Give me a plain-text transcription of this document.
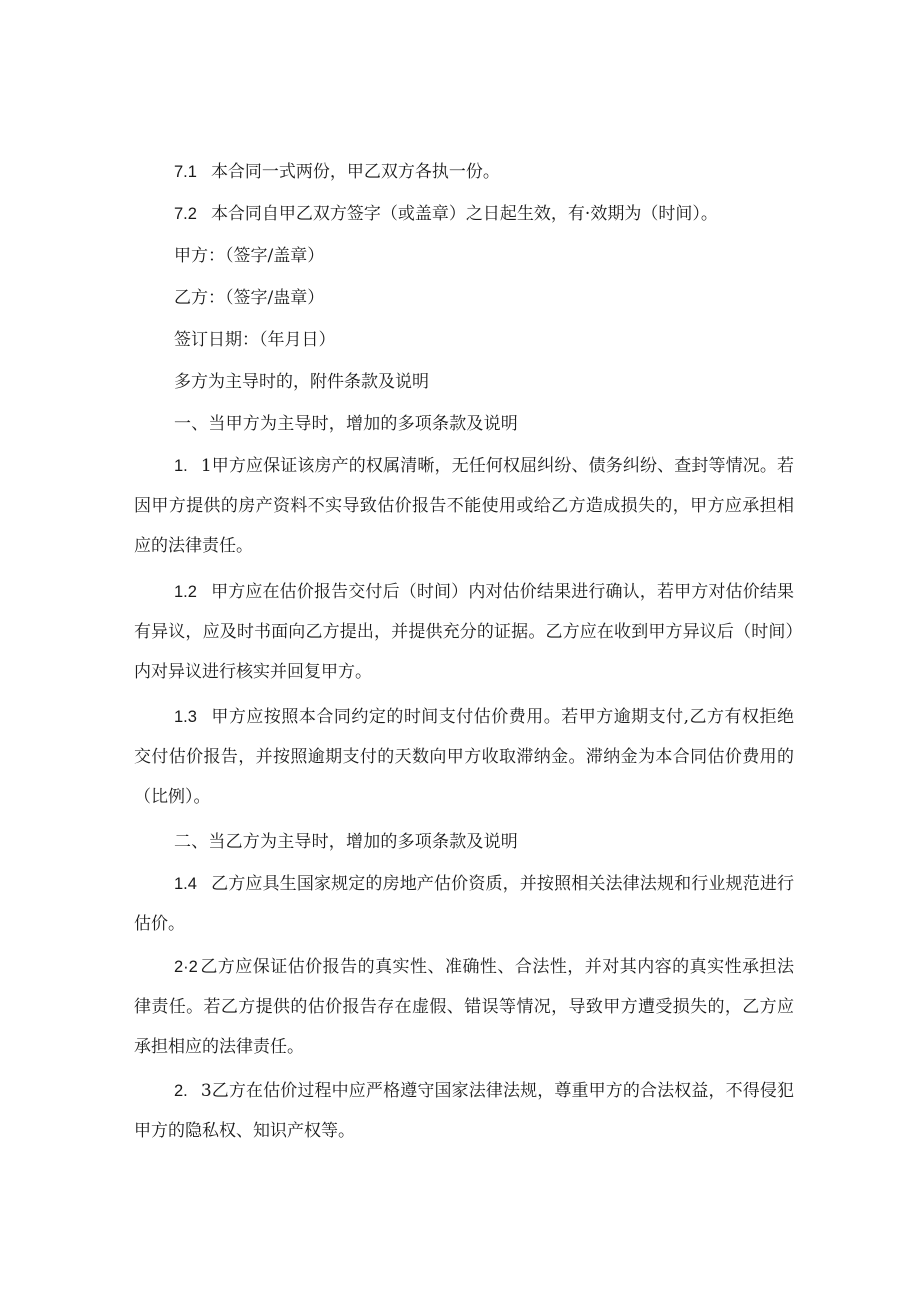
7.1 本合同一式两份，甲乙双方各执一份。
7.2 本合同自甲乙双方签字（或盖章）之日起生效，有·效期为（时间）。
甲方：（签字/盖章）
乙方：（签字/蛊章）
签订日期：（年月日）
多方为主导时的，附件条款及说明
一、当甲方为主导时，增加的多项条款及说明
1. 1甲方应保证该房产的权属清晰，无任何权屈纠纷、债务纠纷、查封等情况。若因甲方提供的房产资料不实导致估价报告不能使用或给乙方造成损失的，甲方应承担相应的法律责任。
1.2 甲方应在估价报告交付后（时间）内对估价结果进行确认，若甲方对估价结果有异议，应及时书面向乙方提出，并提供充分的证据。乙方应在收到甲方异议后（时间）内对异议进行核实并回复甲方。
1.3 甲方应按照本合同约定的时间支付估价费用。若甲方逾期支付,乙方有权拒绝交付估价报告，并按照逾期支付的天数向甲方收取滞纳金。滞纳金为本合同估价费用的（比例）。
二、当乙方为主导时，增加的多项条款及说明
1.4 乙方应具生国家规定的房地产估价资质，并按照相关法律法规和行业规范进行估价。
2·2 乙方应保证估价报告的真实性、准确性、合法性，并对其内容的真实性承担法律责任。若乙方提供的估价报告存在虚假、错误等情况，导致甲方遭受损失的，乙方应承担相应的法律责任。
2. 3乙方在估价过程中应严格遵守国家法律法规，尊重甲方的合法权益，不得侵犯甲方的隐私权、知识产权等。
